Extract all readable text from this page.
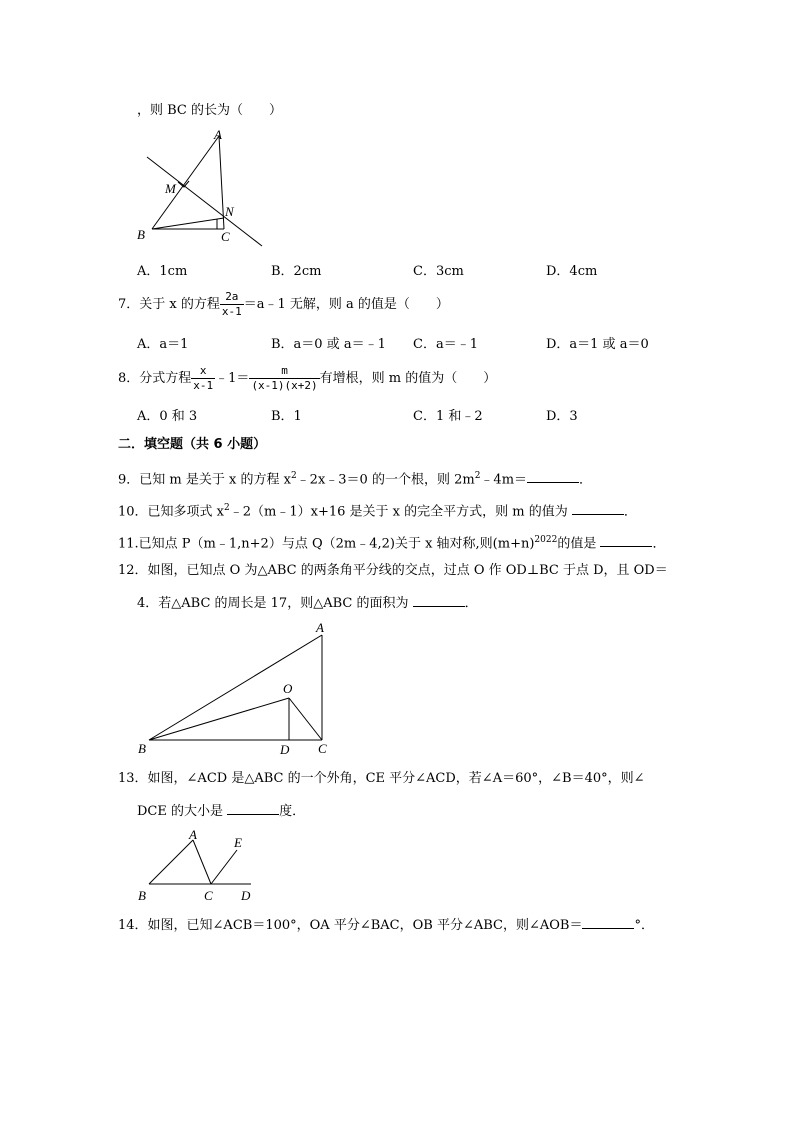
，则 BC 的长为（　　）
A
M
N
B	C
A．1cm	B．2cm	C．3cm	D．4cm
7．关于 x 的方程 $\frac{2a}{x-1}$ ＝a﹣1 无解，则 a 的值是（　　）
A．a＝1	B．a＝0 或 a＝﹣1 C．a＝﹣1	D．a＝1 或 a＝0
8．分式方程 $\frac{x}{x-1}$ ﹣1＝ $\frac{m}{(x-1)(x+2)}$ 有增根，则 m 的值为（　　）
A．0 和 3	B．1	C．1 和﹣2	D．3
二．填空题（共 6 小题）
9．已知 m 是关于 x 的方程 $x^2﹣2x﹣3=0$ 的一个根，则 $2m^2﹣4m=$	．
10．已知多项式 $x^2﹣2(m﹣1)x+16$ 是关于 x 的完全平方式，则 m 的值为	．
11.已知点 P（m﹣1,n+2）与点 Q（2m﹣4,2)关于 x 轴对称,则$(m+n)^{2022}$的值是	．
12．如图，已知点 O 为△ABC 的两条角平分线的交点，过点 O 作 OD⊥BC 于点 D，且 OD＝
4．若△ABC 的周长是 17，则△ABC 的面积为	．
A
O
B	D C
13．如图，∠ACD 是△ABC 的一个外角，CE 平分∠ACD，若∠A＝60°，∠B＝40°，则∠
DCE 的大小是	度．
A
E
B	C D
14．如图，已知∠ACB＝100°，OA 平分∠BAC，OB 平分∠ABC，则∠AOB＝	°．
